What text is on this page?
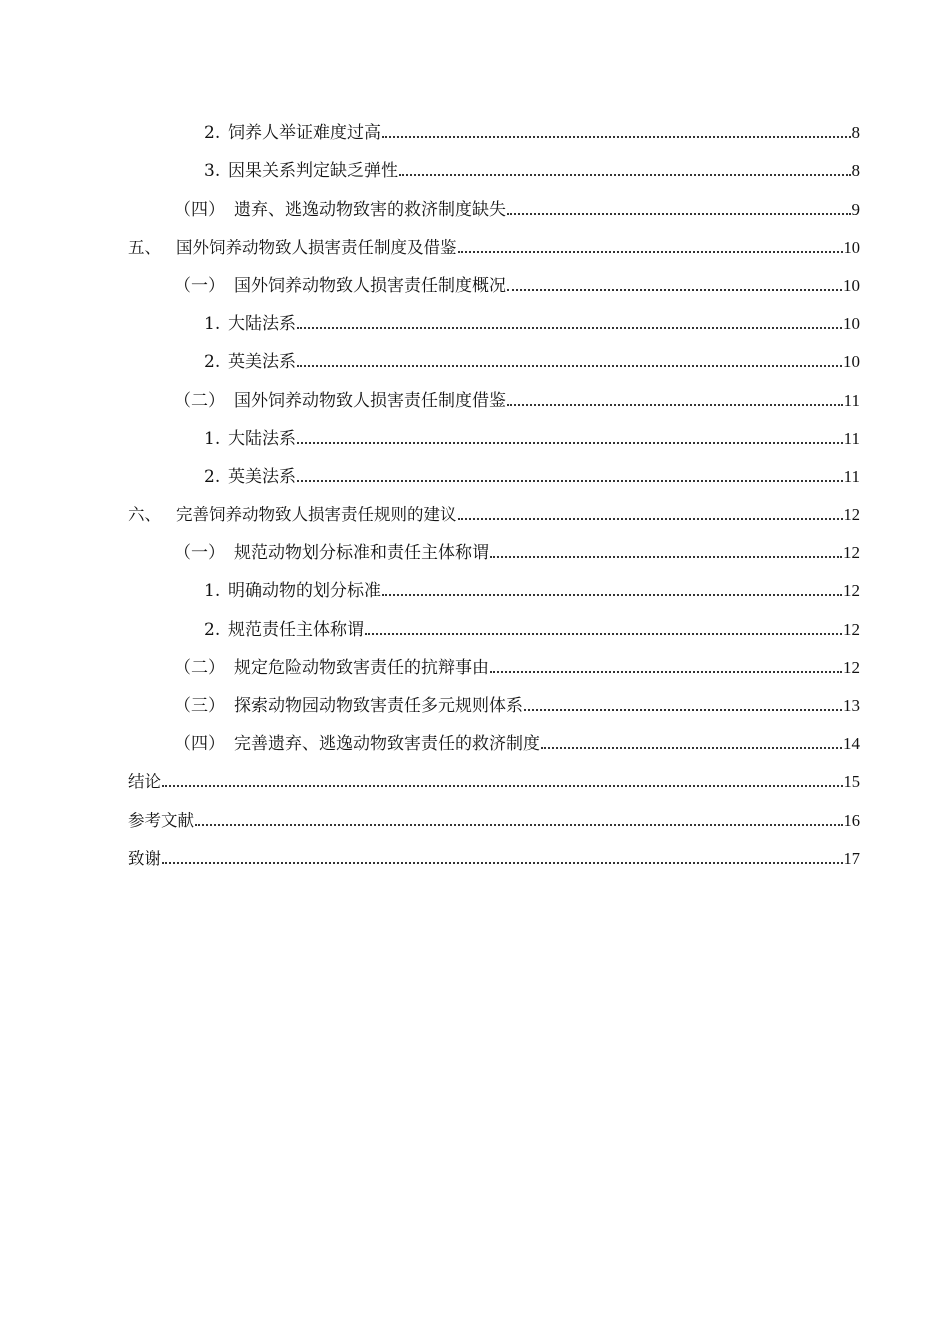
2. 饲养人举证难度过高	8
3. 因果关系判定缺乏弹性	8
（四） 遗弃、逃逸动物致害的救济制度缺失	9
五、 国外饲养动物致人损害责任制度及借鉴	10
（一） 国外饲养动物致人损害责任制度概况	10
1. 大陆法系	10
2. 英美法系	10
（二） 国外饲养动物致人损害责任制度借鉴	11
1. 大陆法系	11
2. 英美法系	11
六、 完善饲养动物致人损害责任规则的建议	12
（一） 规范动物划分标准和责任主体称谓	12
1. 明确动物的划分标准	12
2. 规范责任主体称谓	12
（二） 规定危险动物致害责任的抗辩事由	12
（三） 探索动物园动物致害责任多元规则体系	13
（四） 完善遗弃、逃逸动物致害责任的救济制度	14
结论	15
参考文献	16
致谢	17
